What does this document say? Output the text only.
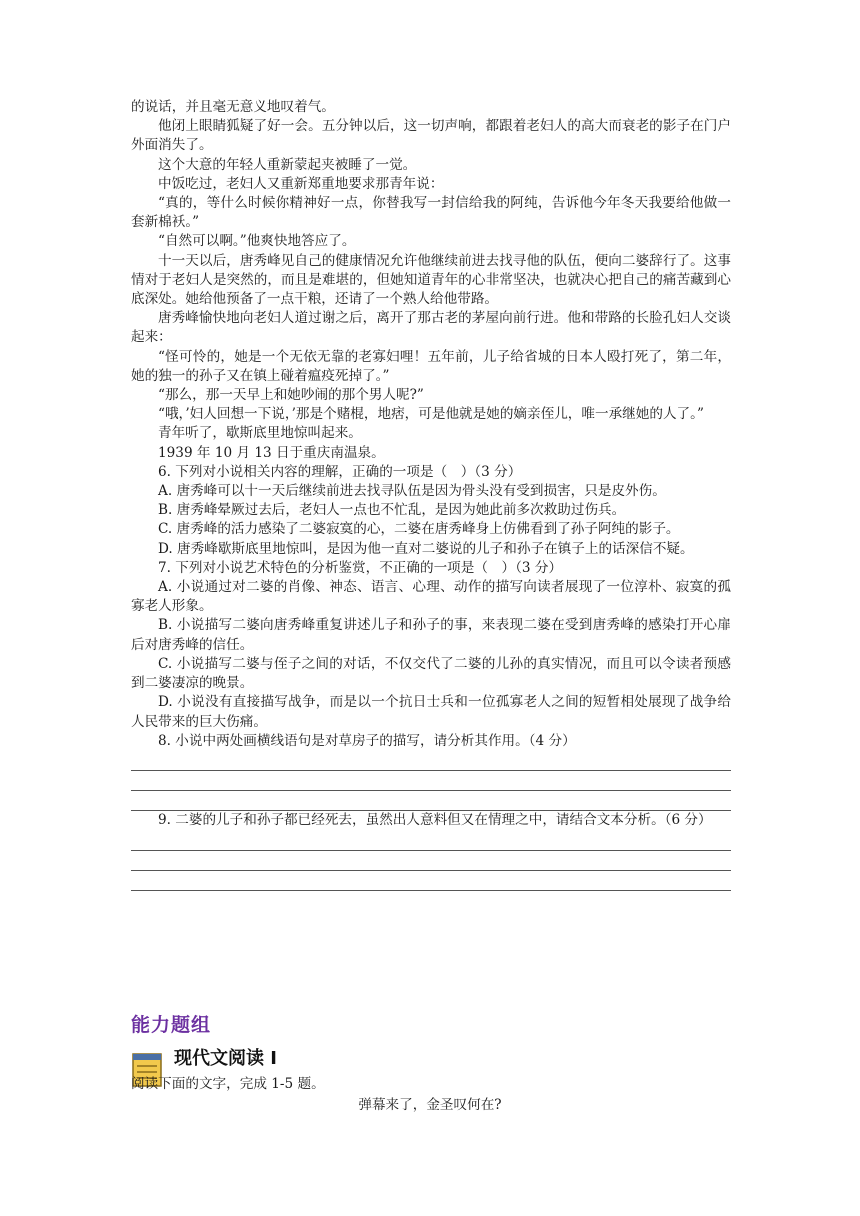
的说话，并且毫无意义地叹着气。

他闭上眼睛狐疑了好一会。五分钟以后，这一切声响，都跟着老妇人的高大而衰老的影子在门户外面消失了。

这个大意的年轻人重新蒙起夹被睡了一觉。

中饭吃过，老妇人又重新郑重地要求那青年说：

“真的，等什么时候你精神好一点，你替我写一封信给我的阿纯，告诉他今年冬天我要给他做一套新棉袄。”

“自然可以啊。”他爽快地答应了。

十一天以后，唐秀峰见自己的健康情况允许他继续前进去找寻他的队伍，便向二婆辞行了。这事情对于老妇人是突然的，而且是难堪的，但她知道青年的心非常坚决，也就决心把自己的痛苦藏到心底深处。她给他预备了一点干粮，还请了一个熟人给他带路。

唐秀峰愉快地向老妇人道过谢之后，离开了那古老的茅屋向前行进。他和带路的长脸孔妇人交谈起来：

“怪可怜的，她是一个无依无靠的老寡妇哩！五年前，儿子给省城的日本人殴打死了，第二年，她的独一的孙子又在镇上碰着瘟疫死掉了。”

“那么，那一天早上和她吵闹的那个男人呢?”

“哦，’妇人回想一下说，’那是个赌棍，地痞，可是他就是她的嫡亲侄儿，唯一承继她的人了。”

青年听了，歇斯底里地惊叫起来。

1939 年 10 月 13 日于重庆南温泉。

6. 下列对小说相关内容的理解，正确的一项是（　）（3 分）

A. 唐秀峰可以十一天后继续前进去找寻队伍是因为骨头没有受到损害，只是皮外伤。

B. 唐秀峰晕厥过去后，老妇人一点也不忙乱，是因为她此前多次救助过伤兵。

C. 唐秀峰的活力感染了二婆寂寞的心，二婆在唐秀峰身上仿佛看到了孙子阿纯的影子。

D. 唐秀峰歇斯底里地惊叫，是因为他一直对二婆说的儿子和孙子在镇子上的话深信不疑。

7. 下列对小说艺术特色的分析鉴赏，不正确的一项是（　）（3 分）

A. 小说通过对二婆的肖像、神态、语言、心理、动作的描写向读者展现了一位淳朴、寂寞的孤寡老人形象。

B. 小说描写二婆向唐秀峰重复讲述儿子和孙子的事，来表现二婆在受到唐秀峰的感染打开心扉后对唐秀峰的信任。

C. 小说描写二婆与侄子之间的对话，不仅交代了二婆的儿孙的真实情况，而且可以令读者预感到二婆凄凉的晚景。

D. 小说没有直接描写战争，而是以一个抗日士兵和一位孤寡老人之间的短暂相处展现了战争给人民带来的巨大伤痛。

8. 小说中两处画横线语句是对草房子的描写，请分析其作用。（4 分）

9. 二婆的儿子和孙子都已经死去，虽然出人意料但又在情理之中，请结合文本分析。（6 分）

能力题组
现代文阅读 I
阅读下面的文字，完成 1-5 题。
弹幕来了，金圣叹何在?
